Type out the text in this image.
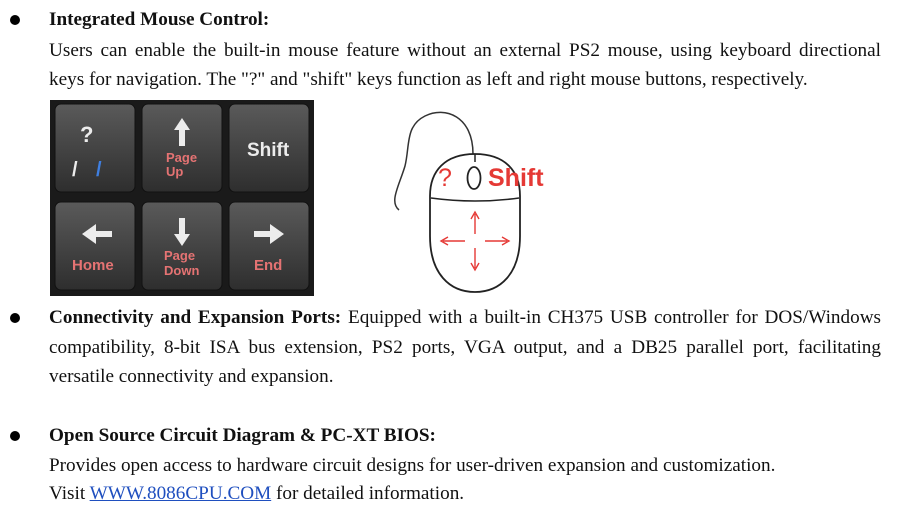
Integrated Mouse Control:
Users can enable the built-in mouse feature without an external PS2 mouse, using keyboard directional
keys for navigation. The "?" and "shift" keys function as left and right mouse buttons, respectively.
?
/ /
Page
Up
Shift
Home
Page
Down	End
? Shift
Connectivity and Expansion Ports: Equipped with a built-in CH375 USB controller for DOS/Windows
compatibility, 8-bit ISA bus extension, PS2 ports, VGA output, and a DB25 parallel port, facilitating
versatile connectivity and expansion.
Open Source Circuit Diagram & PC-XT BIOS:
Provides open access to hardware circuit designs for user-driven expansion and customization.
Visit WWW.8086CPU.COM for detailed information.
